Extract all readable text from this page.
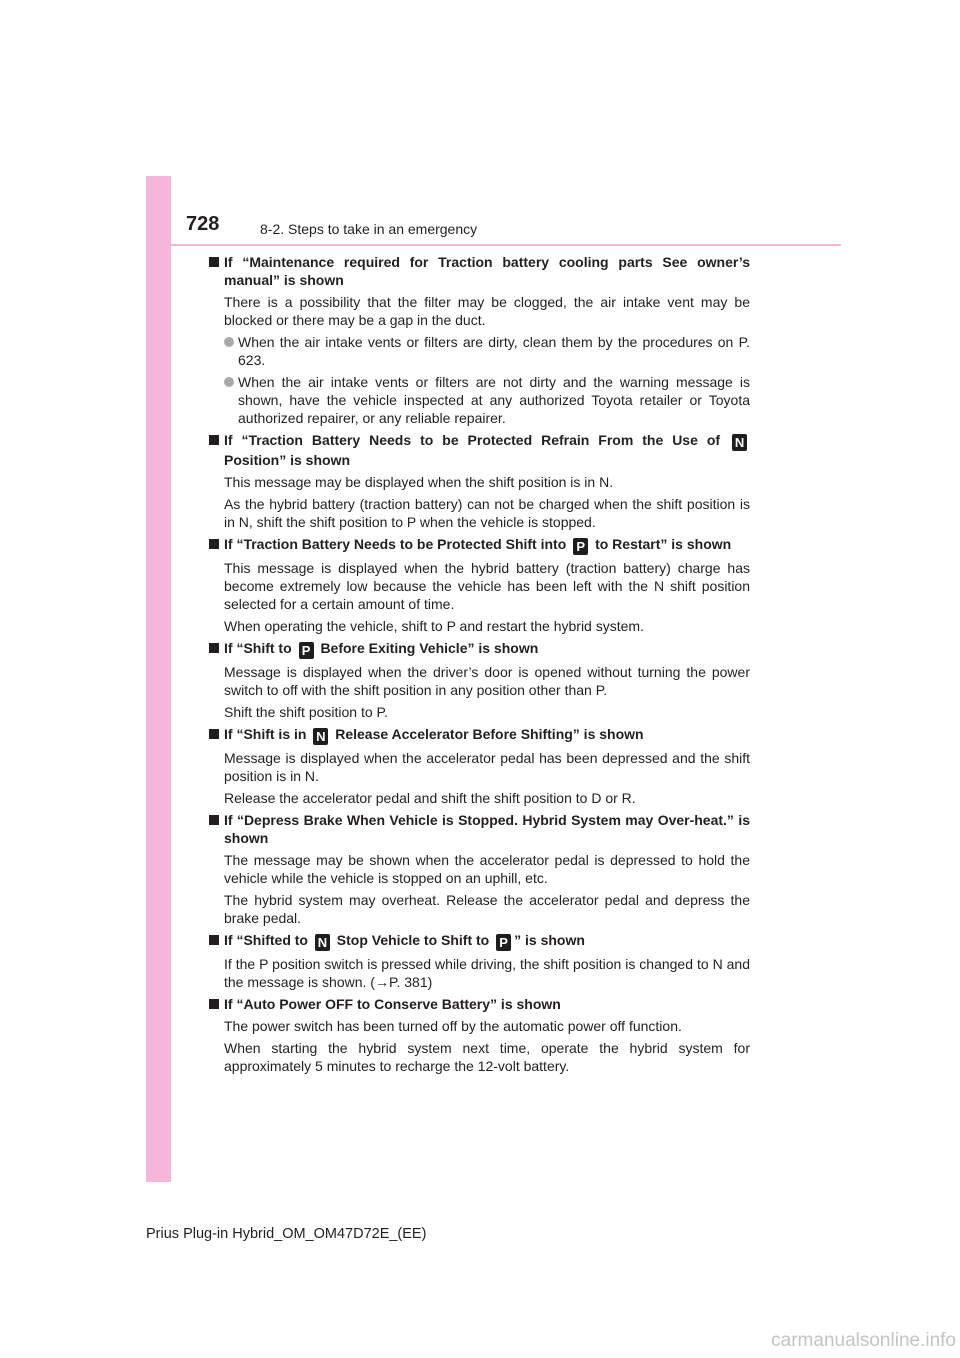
728	8-2. Steps to take in an emergency
If “Maintenance required for Traction battery cooling parts See owner’s manual” is shown
There is a possibility that the filter may be clogged, the air intake vent may be blocked or there may be a gap in the duct.
When the air intake vents or filters are dirty, clean them by the procedures on P. 623.
When the air intake vents or filters are not dirty and the warning message is shown, have the vehicle inspected at any authorized Toyota retailer or Toyota authorized repairer, or any reliable repairer.
If “Traction Battery Needs to be Protected Refrain From the Use of N Position” is shown
This message may be displayed when the shift position is in N.
As the hybrid battery (traction battery) can not be charged when the shift position is in N, shift the shift position to P when the vehicle is stopped.
If “Traction Battery Needs to be Protected Shift into P to Restart” is shown
This message is displayed when the hybrid battery (traction battery) charge has become extremely low because the vehicle has been left with the N shift position selected for a certain amount of time.
When operating the vehicle, shift to P and restart the hybrid system.
If “Shift to P Before Exiting Vehicle” is shown
Message is displayed when the driver’s door is opened without turning the power switch to off with the shift position in any position other than P.
Shift the shift position to P.
If “Shift is in N Release Accelerator Before Shifting” is shown
Message is displayed when the accelerator pedal has been depressed and the shift position is in N.
Release the accelerator pedal and shift the shift position to D or R.
If “Depress Brake When Vehicle is Stopped. Hybrid System may Over-heat.” is shown
The message may be shown when the accelerator pedal is depressed to hold the vehicle while the vehicle is stopped on an uphill, etc.
The hybrid system may overheat. Release the accelerator pedal and depress the brake pedal.
If “Shifted to N Stop Vehicle to Shift to P ” is shown
If the P position switch is pressed while driving, the shift position is changed to N and the message is shown. (→P. 381)
If “Auto Power OFF to Conserve Battery” is shown
The power switch has been turned off by the automatic power off function.
When starting the hybrid system next time, operate the hybrid system for approximately 5 minutes to recharge the 12-volt battery.
Prius Plug-in Hybrid_OM_OM47D72E_(EE)
carmanualsonline.info
